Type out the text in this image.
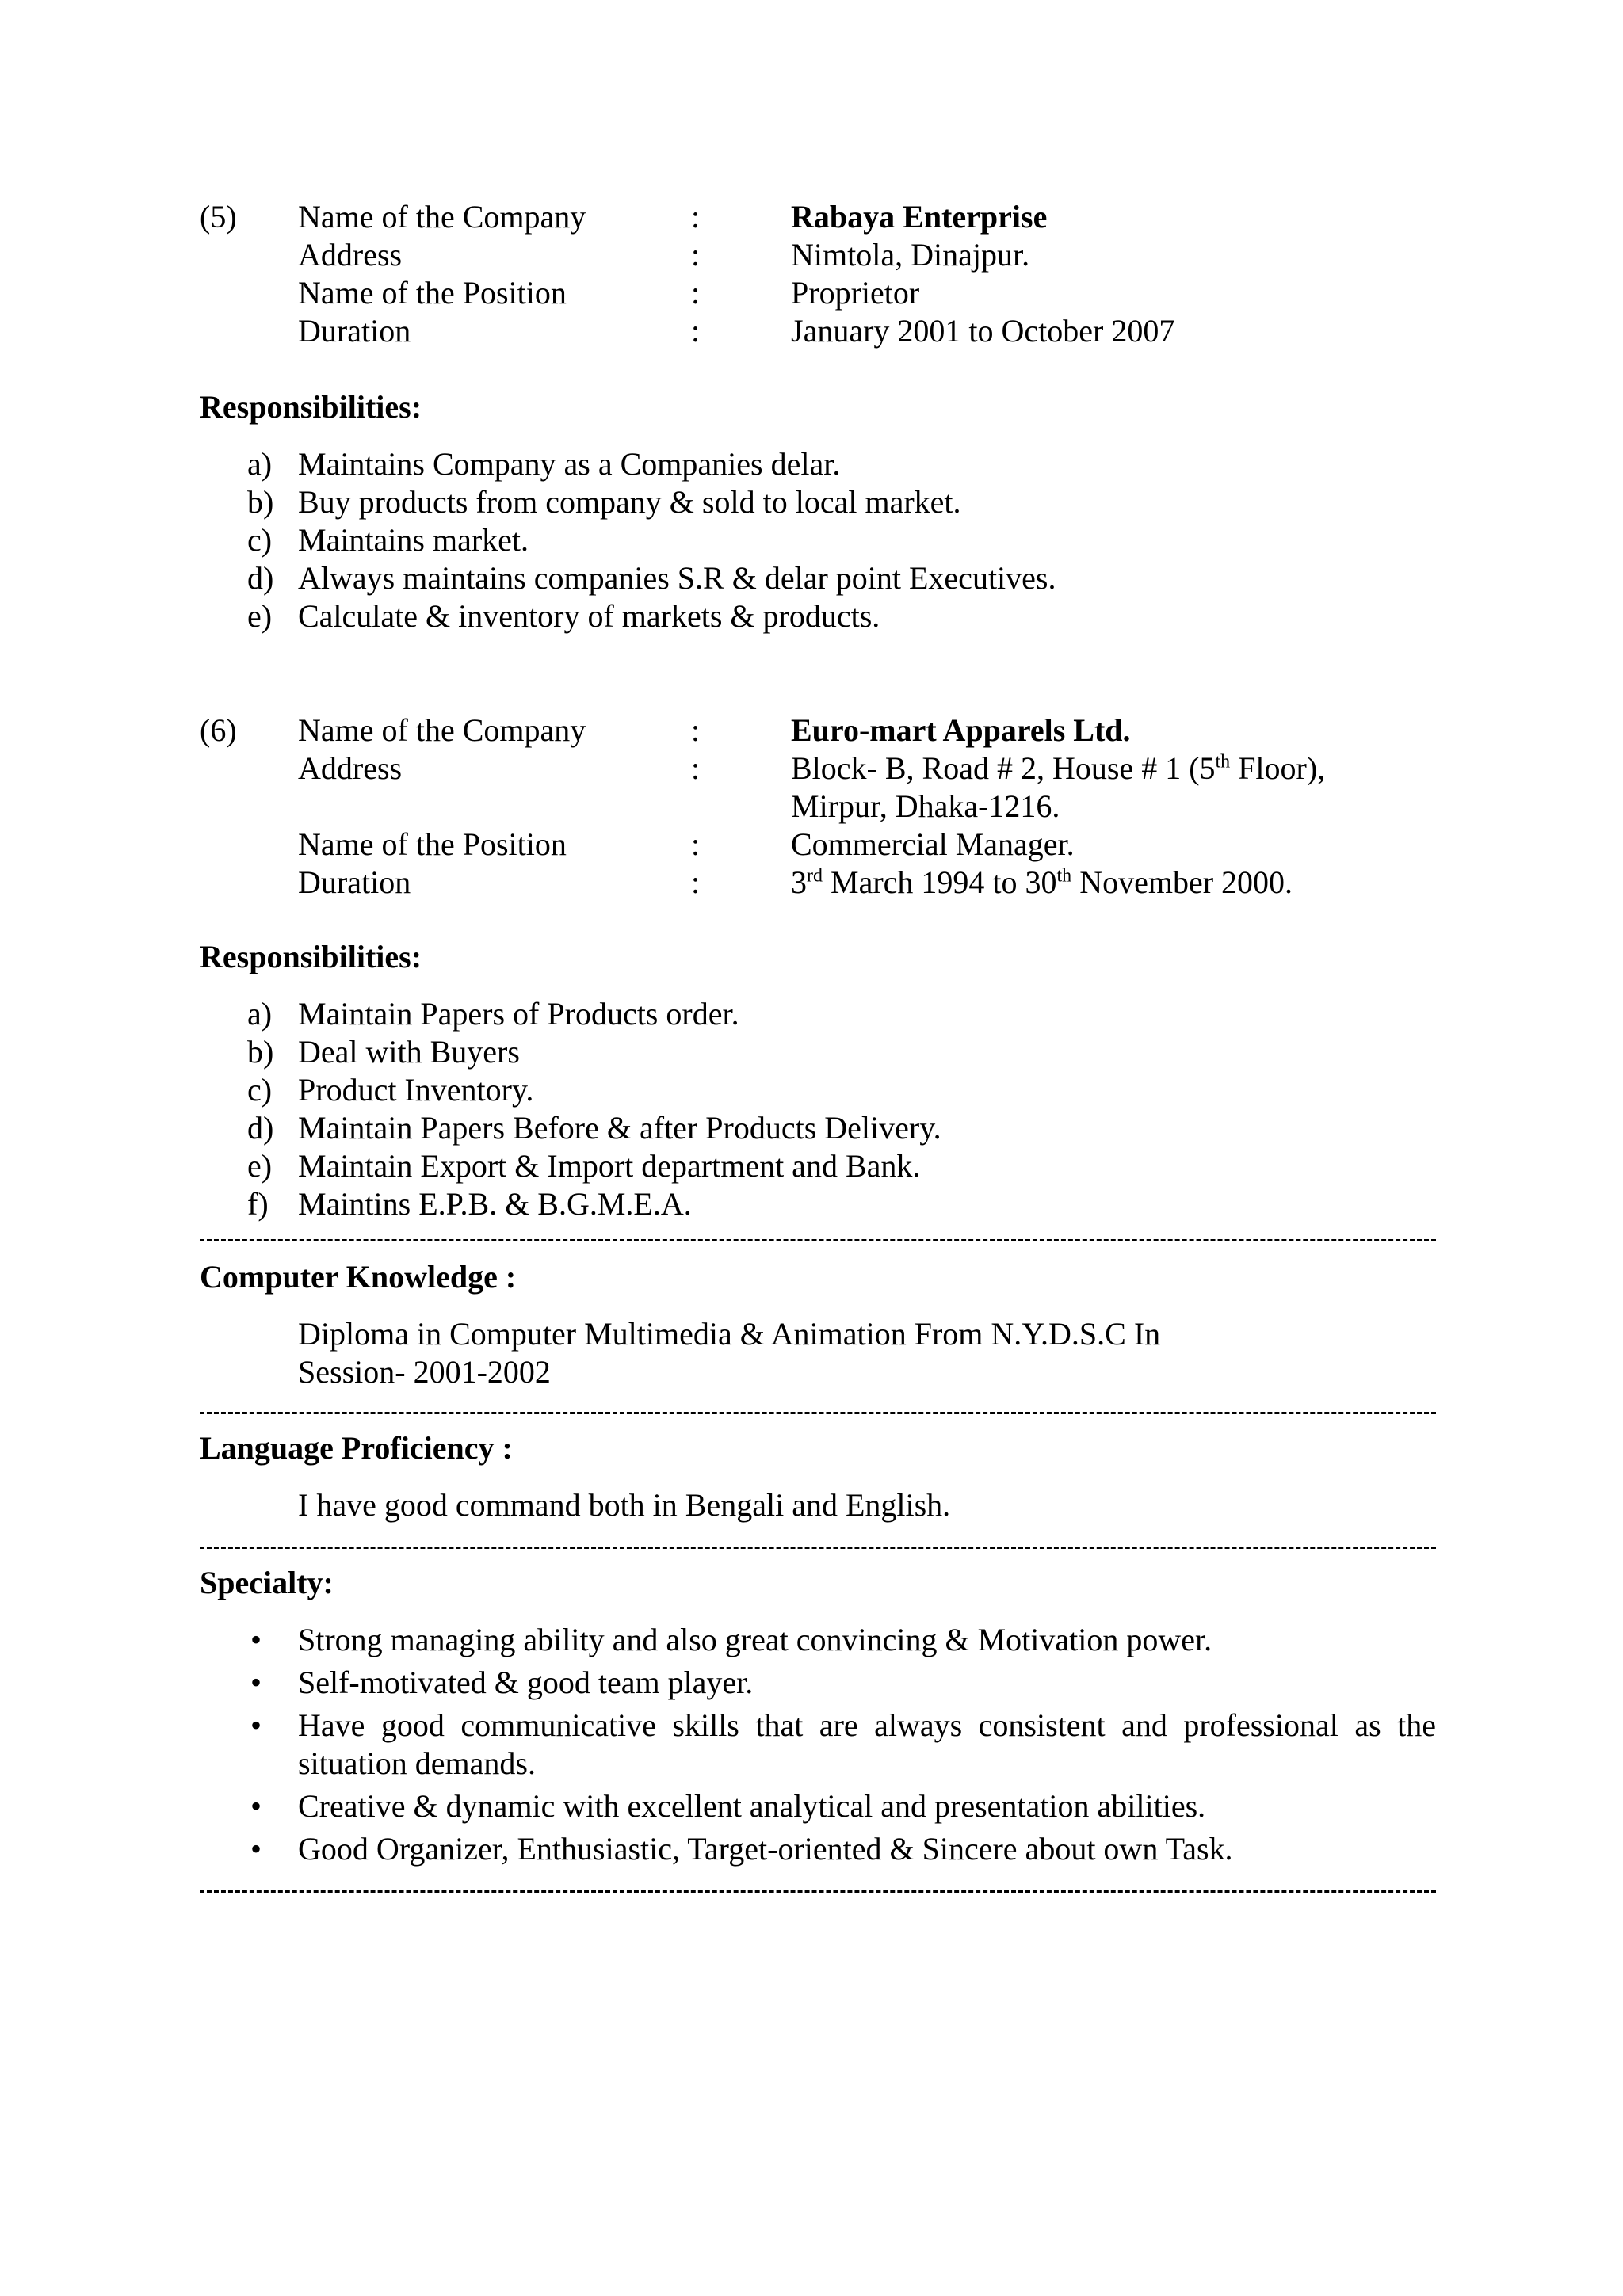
(5) Name of the Company	:	Rabaya Enterprise
Address	:	Nimtola, Dinajpur.
Name of the Position	:	Proprietor
Duration	:	January 2001 to October 2007
Responsibilities:
a) Maintains Company as a Companies delar.
b) Buy products from company & sold to local market.
c) Maintains market.
d) Always maintains companies S.R & delar point Executives.
e) Calculate & inventory of markets & products.
(6) Name of the Company	:	Euro-mart Apparels Ltd.
Address	:	Block- B, Road # 2, House # 1 (5th Floor),
Mirpur, Dhaka-1216.
Name of the Position	:	Commercial Manager.
Duration	:	3rd March 1994 to 30th November 2000.
Responsibilities:
a) Maintain Papers of Products order.
b) Deal with Buyers
c) Product Inventory.
d) Maintain Papers Before & after Products Delivery.
e) Maintain Export & Import department and Bank.
f) Maintins E.P.B. & B.G.M.E.A.
Computer Knowledge :
Diploma in Computer Multimedia & Animation From N.Y.D.S.C In
Session- 2001-2002
Language Proficiency :
I have good command both in Bengali and English.
Specialty:
• Strong managing ability and also great convincing & Motivation power.
• Self-motivated & good team player.
• Have good communicative skills that are always consistent and professional as the situation demands.
• Creative & dynamic with excellent analytical and presentation abilities.
• Good Organizer, Enthusiastic, Target-oriented & Sincere about own Task.
